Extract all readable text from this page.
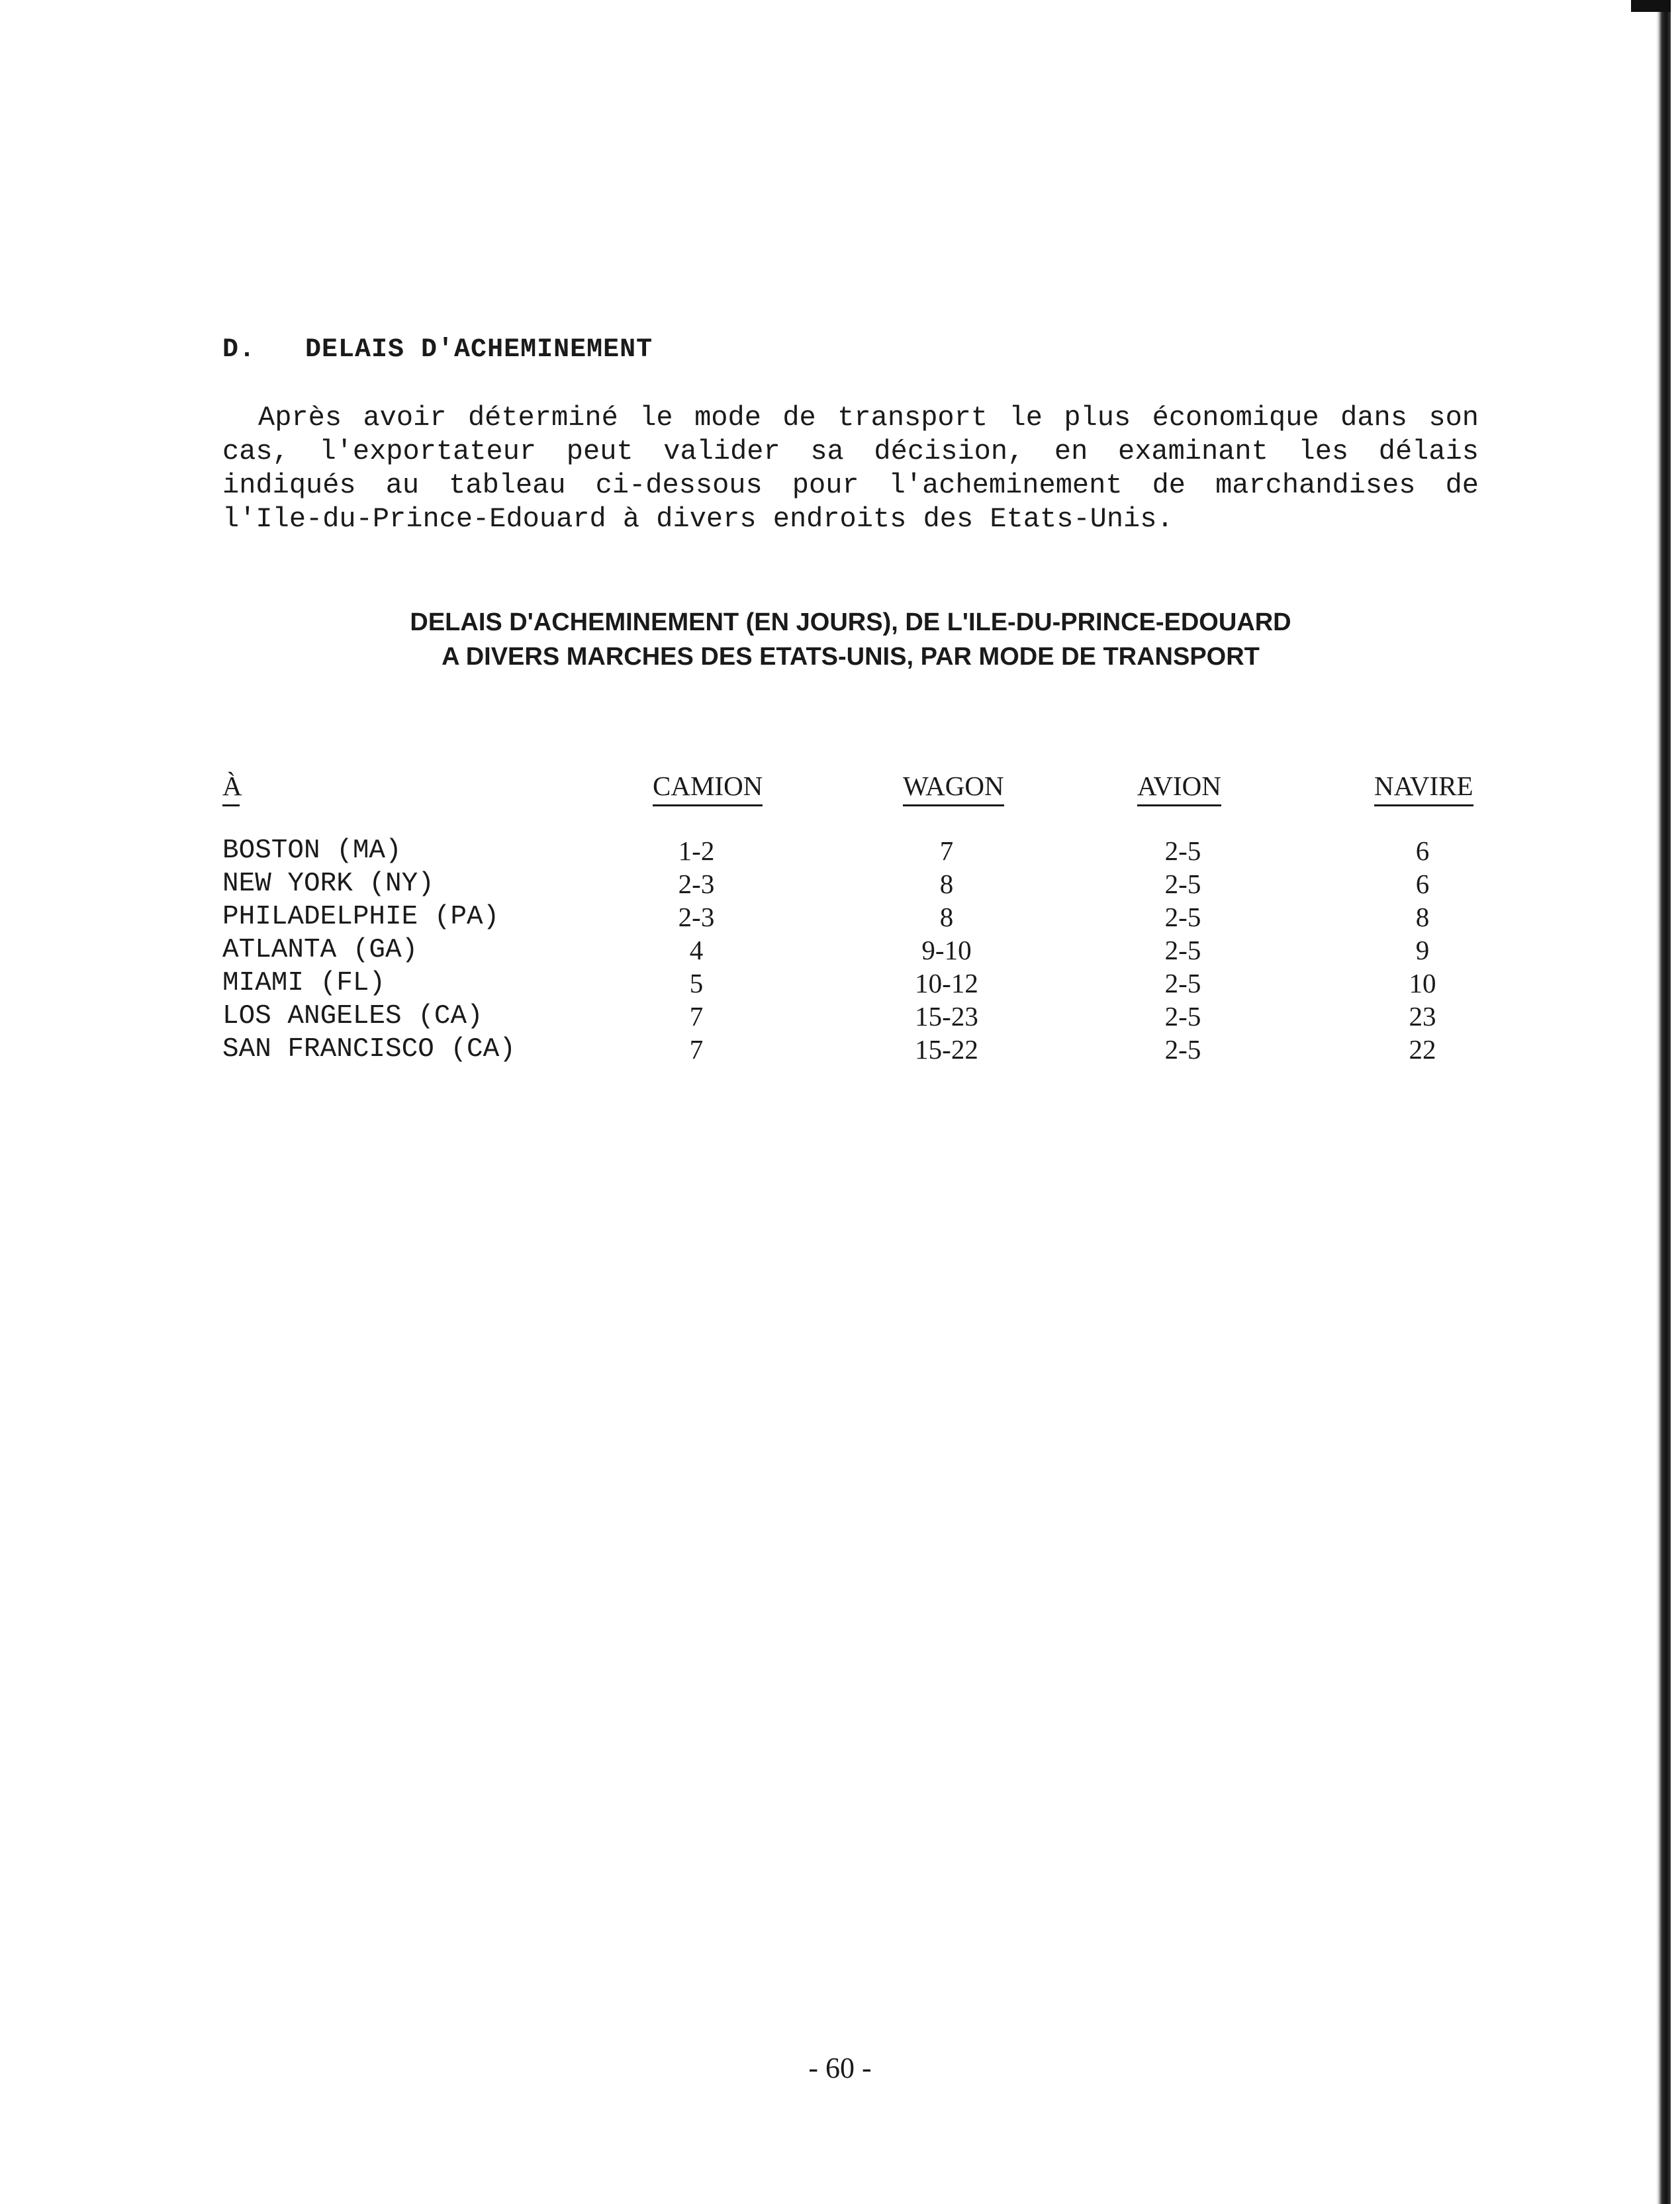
D.   DELAIS D'ACHEMINEMENT
Après avoir déterminé le mode de transport le plus économique dans son
cas, l'exportateur peut valider sa décision, en examinant les délais
indiqués au tableau ci-dessous pour l'acheminement de marchandises de
l'Ile-du-Prince-Edouard à divers endroits des Etats-Unis.
DELAIS D'ACHEMINEMENT (EN JOURS), DE L'ILE-DU-PRINCE-EDOUARD
A DIVERS MARCHES DES ETATS-UNIS, PAR MODE DE TRANSPORT
À	CAMION	WAGON	AVION	NAVIRE
BOSTON (MA)	1-2	7	2-5	6
NEW YORK (NY)	2-3	8	2-5	6
PHILADELPHIE (PA)	2-3	8	2-5	8
ATLANTA (GA)	4	9-10	2-5	9
MIAMI (FL)	5	10-12	2-5	10
LOS ANGELES (CA)	7	15-23	2-5	23
SAN FRANCISCO (CA)	7	15-22	2-5	22
- 60 -
